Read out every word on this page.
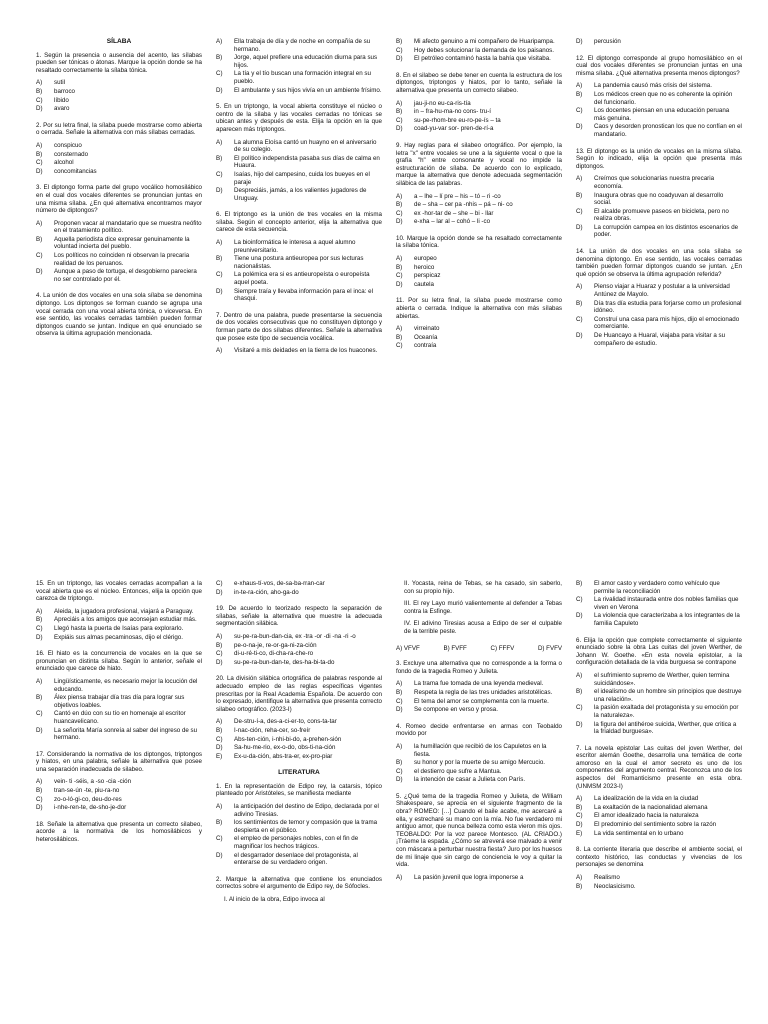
SÍLABA
1. Según la presencia o ausencia del acento, las sílabas pueden ser tónicas o átonas. Marque la opción donde se ha resaltado correctamente la sílaba tónica.
A)	sutil
B)	barroco
C)	líbido
D)	avaro
2. Por su letra final, la sílaba puede mostrarse como abierta o cerrada. Señale la alternativa con más sílabas cerradas.
A)	conspicuo
B)	consternado
C)	alcohol
D)	concomitancias
3. El diptongo forma parte del grupo vocálico homosilábico en el cual dos vocales diferentes se pronuncian juntas en una misma sílaba. ¿En qué alternativa encontramos mayor número de diptongos?
A)	Proponen vacar al mandatario que se muestra neófito en el tratamiento político.
B)	Aquella periodista dice expresar genuinamente la voluntad incierta del pueblo.
C)	Los políticos no coinciden ni observan la precaria realidad de los peruanos.
D)	Aunque a paso de tortuga, el desgobierno pareciera no ser controlado por él.
4. La unión de dos vocales en una sola sílaba se denomina diptongo. Los diptongos se forman cuando se agrupa una vocal cerrada con una vocal abierta tónica, o viceversa. En ese sentido, las vocales cerradas también pueden formar diptongos cuando se juntan. Indique en qué enunciado se observa la última agrupación mencionada.
A)	Ella trabaja de día y de noche en compañía de su hermano.
B)	Jorge, aquel prefiere una educación diurna para sus hijos.
C)	La tía y el tío buscan una formación integral en su pueblo.
D)	El ambulante y sus hijos vivía en un ambiente frísimo.
5. En un triptongo, la vocal abierta constituye el núcleo o centro de la sílaba y las vocales cerradas no tónicas se ubican antes y después de esta. Elija la opción en la que aparecen más triptongos.
A)	La alumna Eloísa cantó un huayno en el aniversario de su colegio.
B)	El político independista pasaba sus días de calma en Huaura.
C)	Isaías, hijo del campesino, cuida los bueyes en el paraje
D)	Despreciáis, jamás, a los valientes jugadores de Uruguay.
6. El triptongo es la unión de tres vocales en la misma sílaba. Según el concepto anterior, elija la alternativa que carece de esta secuencia.
A)	La bioinformática le interesa a aquel alumno preuniversitario.
B)	Tiene una postura antieuropea por sus lecturas nacionalistas.
C)	La polémica era si es antieuropeísta o europeísta aquel poeta.
D)	Siempre traía y llevaba información para el inca: el chasqui.
7. Dentro de una palabra, puede presentarse la secuencia de dos vocales consecutivas que no constituyen diptongo y forman parte de dos sílabas diferentes. Señale la alternativa que posee este tipo de secuencia vocálica.
A)	Visitaré a mis deidades en la tierra de los huacones.
B)	Mi afecto genuino a mi compañero de Huaripampa.
C)	Hoy debes solucionar la demanda de los paisanos.
D)	El petróleo contaminó hasta la bahía que visitaba.
8. En el silabeo se debe tener en cuenta la estructura de los diptongos, triptongos y hiatos, por lo tanto, señale la alternativa que presenta un correcto silabeo.
A)	jau-ji-no eu-ca-ris-tía
B)	in – fra-hu-ma-no cons- tru-í
C)	su-pe-rhom-bre eu-ro-pe-ís – ta
D)	coad-yu-var sor- pren-de-rí-a
9. Hay reglas para el silabeo ortográfico. Por ejemplo, la letra "x" entre vocales se une a la siguiente vocal o que la grafía "h" entre consonante y vocal no impide la estructuración de sílaba. De acuerdo con lo explicado, marque la alternativa que denote adecuada segmentación silábica de las palabras.
A)	a – lhe – lí pre – his – tó – ri -co
B)	de – sha – cer pa -nhis – pá – ni- co
C)	ex -hor-tar de – she – bi - llar
D)	e-xha – lar al – cohó – li -co
10. Marque la opción donde se ha resaltado correctamente la sílaba tónica.
A)	europeo
B)	heroico
C)	perspicaz
D)	cautela
11. Por su letra final, la sílaba puede mostrarse como abierta o cerrada. Indique la alternativa con más sílabas abiertas.
A)	virreinato
B)	Oceanía
C)	contraía
D)	percusión
12. El diptongo corresponde al grupo homosilábico en el cual dos vocales diferentes se pronuncian juntas en una misma sílaba. ¿Qué alternativa presenta menos diptongos?
A)	La pandemia causó más crisis del sistema.
B)	Los médicos creen que no es coherente la opinión del funcionario.
C)	Los docentes piensan en una educación peruana más genuina.
D)	Caos y desorden pronostican los que no confían en el mandatario.
13. El diptongo es la unión de vocales en la misma sílaba. Según lo indicado, elija la opción que presenta más diptongos.
A)	Creímos que solucionarías nuestra precaria economía.
B)	Inaugura obras que no coadyuvan al desarrollo social.
C)	El alcalde promueve paseos en bicicleta, pero no realiza obras.
D)	La corrupción campea en los distintos escenarios de poder.
14. La unión de dos vocales en una sola sílaba se denomina diptongo. En ese sentido, las vocales cerradas también pueden formar diptongos cuando se juntan. ¿En qué opción se observa la última agrupación referida?
A)	Pienso viajar a Huaraz y postular a la universidad Antúnez de Mayolo.
B)	Día tras día estudia para forjarse como un profesional idóneo.
C)	Construí una casa para mis hijos, dijo el emocionado comerciante.
D)	De Huancayo a Huaral, viajaba para visitar a su compañero de estudio.
15. En un triptongo, las vocales cerradas acompañan a la vocal abierta que es el núcleo. Entonces, elija la opción que carezca de triptongo.
A)	Aleida, la jugadora profesional, viajará a Paraguay.
B)	Apreciáis a los amigos que aconsejan estudiar más.
C)	Llegó hasta la puerta de Isaías para explorarlo.
D)	Expiáis sus almas pecaminosas, dijo el clérigo.
16. El hiato es la concurrencia de vocales en la que se pronuncian en distinta sílaba. Según lo anterior, señale el enunciado que carece de hiato.
A)	Lingüísticamente, es necesario mejor la locución del educando.
B)	Álex piensa trabajar día tras día para lograr sus objetivos loables.
C)	Cantó en dúo con su tío en homenaje al escritor huancavelicano.
D)	La señorita María sonreía al saber del ingreso de su hermano.
17. Considerando la normativa de los diptongos, triptongos y hiatos, en una palabra, señale la alternativa que posee una separación inadecuada de silabeo.
A)	vein- ti -séis, a -so -cia -ción
B)	tran-se-ún -te, piu-ra-no
C)	zo-o-ló-gi-co, deu-do-res
D)	i-nhe-ren-te, de-sho-je-dor
18. Señale la alternativa que presenta un correcto silabeo, acorde a la normativa de los homosilábicos y heterosilábicos.
C)	e-xhaus-tí-vos, de-sa-ba-rran-car
D)	in-te-ra-ción, aho-ga-do
19. De acuerdo lo teorizado respecto la separación de sílabas, señale la alternativa que muestre la adecuada segmentación silábica.
A)	su-pe-ra-bun-dan-cia, ex -tra -or -di -na -ri -o
B)	pe-o-na-je, re-or-ga-ni-za-ción
C)	di-u-ré-ti-co, di-cha-ra-che-ro
D)	su-pe-ra-bun-dan-te, des-ha-bi-ta-do
20. La división silábica ortográfica de palabras responde al adecuado empleo de las reglas específicas vigentes prescritas por la Real Academia Española. De acuerdo con lo expresado, identifique la alternativa que presenta correcto silabeo ortográfico. (2023-I)
A)	De-stru-í-a, des-a-ci-er-to, cons-ta-tar
B)	I-nac-ción, reha-cer, so-freír
C)	Abs-ten-ción, i-nhi-bi-do, a-prehen-sión
D)	Sa-hu-me-rio, ex-o-do, obs-ti-na-ción
E)	Ex-u-da-ción, abs-tra-er, ex-pro-piar
LITERATURA
1. En la representación de Edipo rey, la catarsis, tópico planteado por Aristóteles, se manifiesta mediante
A)	la anticipación del destino de Edipo, declarada por el adivino Tiresias.
B)	los sentimientos de temor y compasión que la trama despierta en el público.
C)	el empleo de personajes nobles, con el fin de magnificar los hechos trágicos.
D)	el desgarrador desenlace del protagonista, al enterarse de su verdadero origen.
2. Marque la alternativa que contiene los enunciados correctos sobre el argumento de Edipo rey, de Sófocles.
I. Al inicio de la obra, Edipo invoca al
II. Yocasta, reina de Tebas, se ha casado, sin saberlo, con su propio hijo.
III. El rey Layo murió valientemente al defender a Tebas contra la Esfinge.
IV. El adivino Tiresias acusa a Edipo de ser el culpable de la terrible peste.
A) VFVF	B) FVFF	C) FFFV	D) FVFV
3. Excluye una alternativa que no corresponde a la forma o fondo de la tragedia Romeo y Julieta.
A)	La trama fue tomada de una leyenda medieval.
B)	Respeta la regla de las tres unidades aristotélicas.
C)	El tema del amor se complementa con la muerte.
D)	Se compone en verso y prosa.
4. Romeo decide enfrentarse en armas con Teobaldo movido por
A)	la humillación que recibió de los Capuletos en la fiesta.
B)	su honor y por la muerte de su amigo Mercucio.
C)	el destierro que sufre a Mantua.
D)	la intención de casar a Julieta con París.
5. ¿Qué tema de la tragedia Romeo y Julieta, de William Shakespeare, se aprecia en el siguiente fragmento de la obra? ROMEO: […] Cuando el baile acabe, me acercaré a ella, y estrecharé su mano con la mía. No fue verdadero mi antiguo amor, que nunca belleza como esta vieron mis ojos. TEOBALDO: Por la voz parece Montesco. (AL CRIADO.) ¡Tráeme la espada. ¿Cómo se atreverá ese malvado a venir con máscara a perturbar nuestra fiesta? Juro por los huesos de mi linaje que sin cargo de conciencia le voy a quitar la vida.
A)	La pasión juvenil que logra imponerse a
B)	El amor casto y verdadero como vehículo que permite la reconciliación
C)	La rivalidad instaurada entre dos nobles familias que viven en Verona
D)	La violencia que caracterizaba a los integrantes de la familia Capuleto
6. Elija la opción que complete correctamente el siguiente enunciado sobre la obra Las cuitas del joven Werther, de Johann W. Goethe. «En esta novela epistolar, a la configuración detallada de la vida burguesa se contrapone
A)	el sufrimiento supremo de Werther, quien termina suicidándose».
B)	el idealismo de un hombre sin principios que destruye una relación».
C)	la pasión exaltada del protagonista y su emoción por la naturaleza».
D)	la figura del antihéroe suicida, Werther, que critica a la frialdad burguesa».
7. La novela epistolar Las cuitas del joven Werther, del escritor alemán Goethe, desarrolla una temática de corte amoroso en la cual el amor secreto es uno de los componentes del argumento central. Reconozca uno de los aspectos del Romanticismo presente en esta obra. (UNMSM 2023-I)
A)	La idealización de la vida en la ciudad
B)	La exaltación de la nacionalidad alemana
C)	El amor idealizado hacia la naturaleza
D)	El predominio del sentimiento sobre la razón
E)	La vida sentimental en lo urbano
8. La corriente literaria que describe el ambiente social, el contexto histórico, las conductas y vivencias de los personajes se denomina
A)	Realismo
B)	Neoclasicismo.
